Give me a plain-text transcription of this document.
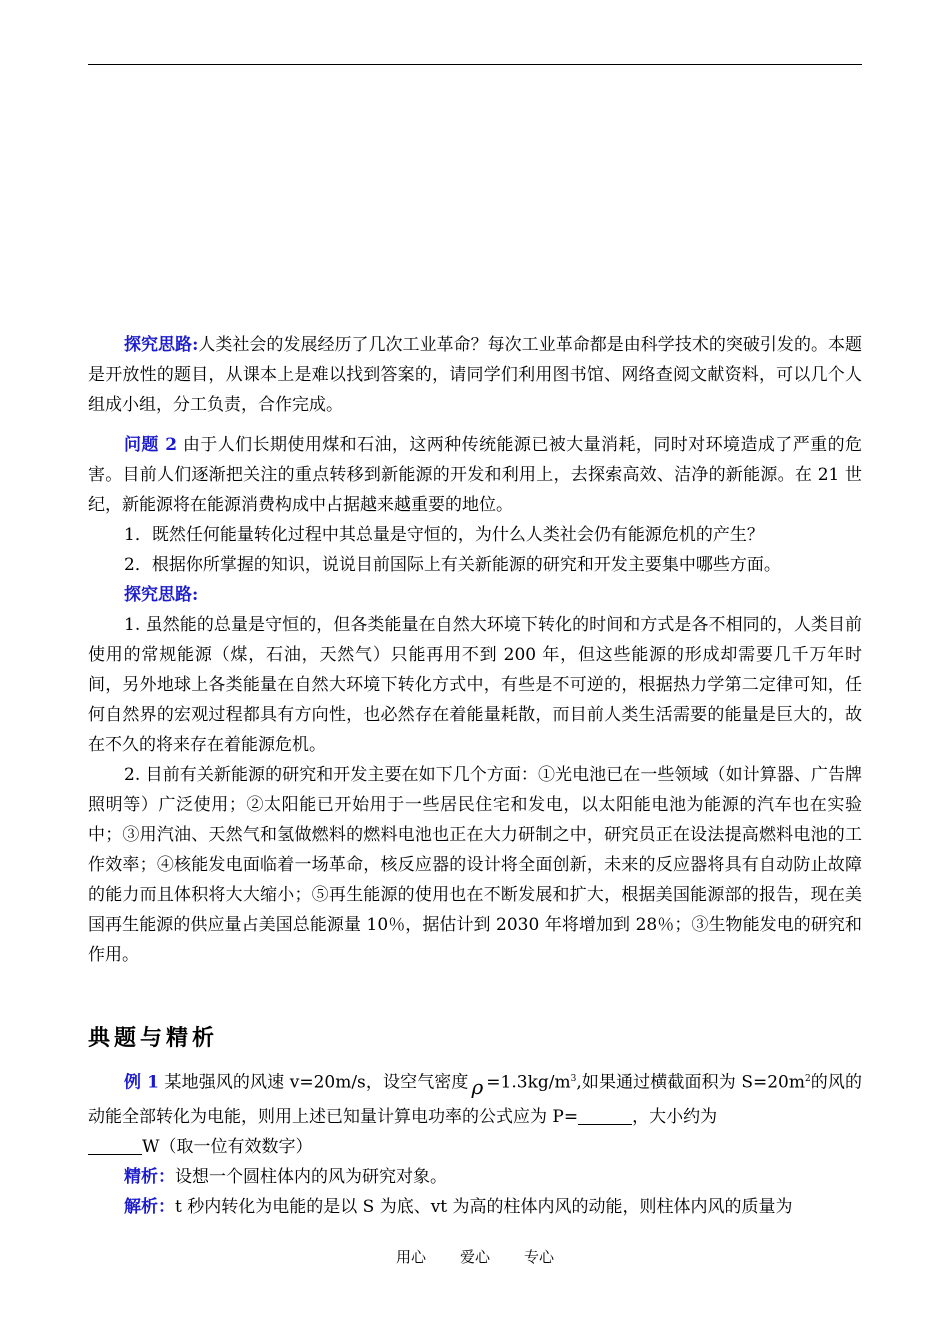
探究思路:人类社会的发展经历了几次工业革命？每次工业革命都是由科学技术的突破引发的。本题是开放性的题目，从课本上是难以找到答案的，请同学们利用图书馆、网络查阅文献资料，可以几个人组成小组，分工负责，合作完成。

问题 2 由于人们长期使用煤和石油，这两种传统能源已被大量消耗，同时对环境造成了严重的危害。目前人们逐渐把关注的重点转移到新能源的开发和利用上，去探索高效、洁净的新能源。在 21 世纪，新能源将在能源消费构成中占据越来越重要的地位。

1．既然任何能量转化过程中其总量是守恒的，为什么人类社会仍有能源危机的产生？

2．根据你所掌握的知识，说说目前国际上有关新能源的研究和开发主要集中哪些方面。

探究思路:

1. 虽然能的总量是守恒的，但各类能量在自然大环境下转化的时间和方式是各不相同的，人类目前使用的常规能源（煤，石油，天然气）只能再用不到 200 年，但这些能源的形成却需要几千万年时间，另外地球上各类能量在自然大环境下转化方式中，有些是不可逆的，根据热力学第二定律可知，任何自然界的宏观过程都具有方向性，也必然存在着能量耗散，而目前人类生活需要的能量是巨大的，故在不久的将来存在着能源危机。

2. 目前有关新能源的研究和开发主要在如下几个方面：①光电池已在一些领域（如计算器、广告牌照明等）广泛使用；②太阳能已开始用于一些居民住宅和发电，以太阳能电池为能源的汽车也在实验中；③用汽油、天然气和氢做燃料的燃料电池也正在大力研制之中，研究员正在设法提高燃料电池的工作效率；④核能发电面临着一场革命，核反应器的设计将全面创新，未来的反应器将具有自动防止故障的能力而且体积将大大缩小；⑤再生能源的使用也在不断发展和扩大，根据美国能源部的报告，现在美国再生能源的供应量占美国总能源量 10％，据估计到 2030 年将增加到 28％；③生物能发电的研究和作用。

典题与精析

例 1 某地强风的风速 v=20m/s，设空气密度 $\rho =1.3kg/m^3$,如果通过横截面积为 $S=20m^2$的风的动能全部转化为电能，则用上述已知量计算电功率的公式应为 P=	，大小约为
W（取一位有效数字）

精析：设想一个圆柱体内的风为研究对象。

解析：t 秒内转化为电能的是以 S 为底、vt 为高的柱体内风的动能，则柱体内风的质量为

用心 爱心 专心
